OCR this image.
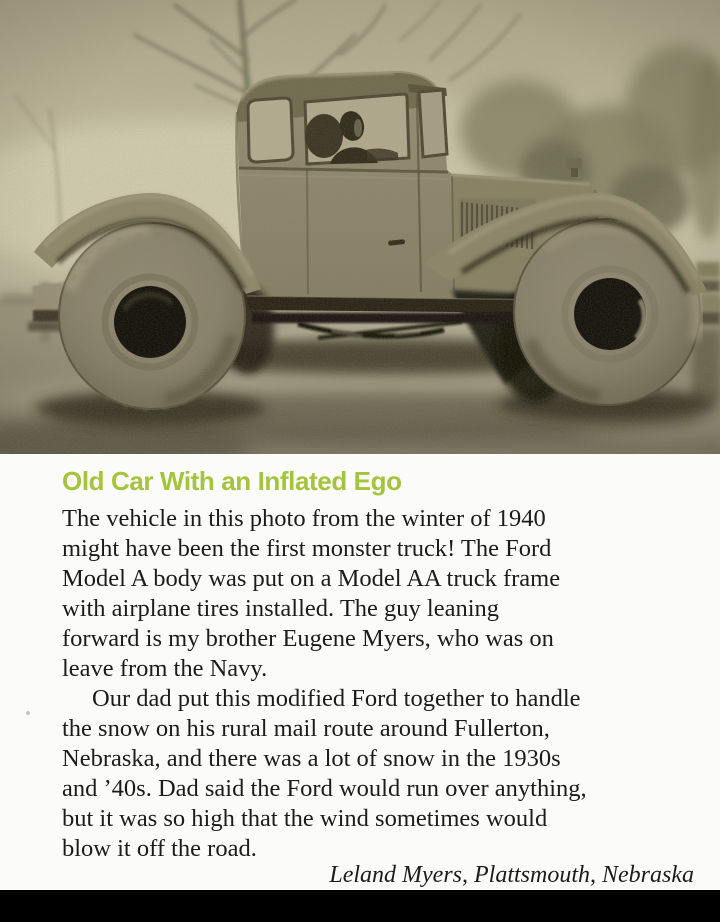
Old Car With an Inflated Ego
The vehicle in this photo from the winter of 1940
might have been the first monster truck! The Ford
Model A body was put on a Model AA truck frame
with airplane tires installed. The guy leaning
forward is my brother Eugene Myers, who was on
leave from the Navy.
Our dad put this modified Ford together to handle
the snow on his rural mail route around Fullerton,
Nebraska, and there was a lot of snow in the 1930s
and ’40s. Dad said the Ford would run over anything,
but it was so high that the wind sometimes would
blow it off the road.
Leland Myers, Plattsmouth, Nebraska
